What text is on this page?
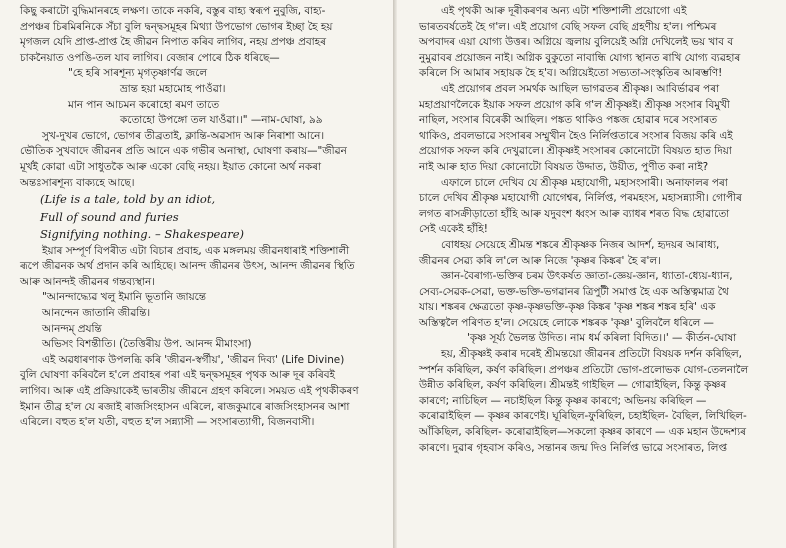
কিছু কৰাটো বুদ্ধিমানৰহে লক্ষণ। তাকে নকৰি, বস্তুৰ বাহ্য স্বৰূপ নুবুজি, বাহ্য-

প্ৰপঞ্চৰ চিৰমিৰনিকে সঁচা বুলি দ্বন্দ্বসমূহৰ মিথ্যা উপভোগ ভোগৰ ইচ্ছা হৈ হয়

মৃগজল যেদি প্ৰাপ্ত-প্ৰাপ্ত হৈ জীৱন নিপাত কৰিব লাগিব, নহয় প্ৰপঞ্চ প্ৰবাহৰ

চাকনৈয়াত ওপঙি-তল যাব লাগিব। বেজাৰ পোৰে ঠিক ধৰিছে—

"হে হৰি সাৰশূন্য মৃগতৃষ্ণাৰ্ণৱ জলে

ভ্ৰান্ত হয়া মহামোহ পাওঁৱা।

মান পান আচমন কৰোহো ৰমণ তাতে

কতোহো উপঙ্গো তল যাওঁৱা।।" —নাম-ঘোষা, ৯৯

সুখ-দুখৰ ভোগে, ভোগৰ তীব্ৰতাই, ক্লান্তি-অৱসাদ আৰু নিৰাশা আনে।

ভৌতিক সুখবাদে জীৱনৰ প্ৰতি আনে এক গভীৰ অনাস্থা, ঘোষণা কৰায়—"জীৱন

মূৰ্খই কোৱা এটা সাধুতকৈ আৰু একো বেছি নহয়। ইয়াত কোনো অৰ্থ নকৰা

অন্তঃসাৰশূন্য বাক্যহে আছে।

(Life is a tale, told by an idiot,

Full of sound and furies

Signifying nothing. – Shakespeare)

ইয়াৰ সম্পূৰ্ণ বিপৰীত এটা বিচাৰ প্ৰবাহ, এক মঙ্গলময় জীৱনধাৰাই শক্তিশালী

ৰূপে জীৱনক অৰ্থ প্ৰদান কৰি আহিছে। আনন্দ জীৱনৰ উৎস, আনন্দ জীৱনৰ স্থিতি

আৰু আনন্দই জীৱনৰ গন্তব্যস্থান।

"আনন্দাদ্ধ্যেৱ খলু ইমানি ভূতানি জায়ন্তে

আনন্দেন জাতানি জীৱন্তি।

আনন্দম্ প্ৰযন্তি

অভিসং বিশন্তীতি। (তৈত্তিৰীয় উপ. আনন্দ মীমাংসা)

এই অৱধাৰণাক উপলব্ধি কৰি 'জীৱন-স্বৰ্গীয়', 'জীৱন দিব্য' (Life Divine)

বুলি ঘোষণা কৰিবলৈ হ'লে প্ৰবাহৰ পৰা এই দ্বন্দ্বসমূহৰ পৃথক আৰু দূৰ কৰিবই

লাগিব। আৰু এই প্ৰক্ৰিয়াকেই ভাৰতীয় জীৱনে গ্ৰহণ কৰিলে। সময়ত এই পৃথকীকৰণ

ইমান তীব্ৰ হ'ল যে ৰজাই ৰাজসিংহাসন এৰিলে, ৰাজকুমাৰে ৰাজসিংহাসনৰ আশা

এৰিলে। বহুত হ'ল যতী, বহুত হ'ল সন্ন্যাসী — সংসাৰত্যাগী, বিজনবাসী।

এই পৃথকী আৰু দূৰীকৰণৰ অন্য এটা শক্তিশালী প্ৰয়োগো এই

ভাৰতবৰ্ষতেই হৈ গ'ল। এই প্ৰয়োগ বেছি সফল বেছি গ্ৰহণীয় হ'ল। পশ্চিমৰ

অপবাদৰ এয়া যোগ্য উত্তৰ। অগ্নিয়ে জ্বলায় বুলিয়েই অগ্নি দেখিলেই ভয় খাব ব

নুমুৱাবৰ প্ৰয়োজন নাই। অগ্নিক বুকুতো নাবান্ধি যোগ্য স্থানত ৰাখি যোগ্য ব্যৱহাৰ

কৰিলে সি আমাৰ সহায়ক হৈ হ'ব। অগ্নিয়েইতো সভ্যতা-সংস্কৃতিৰ আৰম্ভণি!

এই প্ৰয়োগৰ প্ৰবল সমৰ্থক আছিল ভাগৱতৰ শ্ৰীকৃষ্ণ। আবিৰ্ভাৱৰ পৰা

মহাপ্ৰয়াণলৈকে ইয়াক সফল প্ৰয়োগ কৰি গ'ল শ্ৰীকৃষ্ণই। শ্ৰীকৃষ্ণ সংসাৰ বিমুখী

নাছিল, সংসাৰ বিৰেকী আছিল। পঙ্কত থাকিও পঙ্কজ হোৱাৰ দৰে সংসাৰত

থাকিও, প্ৰবলভাৱে সংসাৰৰ সম্মুখীন হৈও নিৰ্লিপ্ততাৰে সংসাৰ বিজয় কৰি এই

প্ৰয়োগক সফল কৰি দেখুৱালে। শ্ৰীকৃষ্ণই সংসাৰৰ কোনোটো বিষয়ত হাত দিয়া

নাই আৰু হাত দিয়া কোনোটো বিষয়ত উদ্দাত, উয়ীত, পুণীত কৰা নাই?

এফালে চালে দেখিব যে শ্ৰীকৃষ্ণ মহাযোগী, মহাসংসাৰী। অনাফালৰ পৰা

চালে দেখিব শ্ৰীকৃষ্ণ মহাযোগী যোগেশ্বৰ, নিৰ্লিপ্ত, পৰমহংস, মহাসন্ন্যাসী। গোপীৰ

লগত ৰাসক্ৰীড়াতো হাঁহি আৰু যদুবংশ ধ্বংস আৰু ব্যাধৰ শৰত বিদ্ধ হোৱাতো

সেই একেই হাঁহি!

বোধহয় সেয়েহে শ্ৰীমন্ত শঙ্কৰে শ্ৰীকৃষ্ণক নিজৰ আদৰ্শ, হৃদয়ৰ আৰাধ্য,

জীৱনৰ সেৱ্য কৰি ল'লে আৰু নিজে 'কৃষ্ণৰ কিঙ্কৰ' হৈ ৰ'ল।

জ্ঞান-বৈৰাগ্য-ভক্তিৰ চৰম উৎকৰ্ষত জ্ঞাতা-জ্ঞেয়-জ্ঞান, ধ্যাতা-ধ্যেয়-ধ্যান,

সেব্য-সেৱক-সেৱা, ভক্ত-ভক্তি-ভগৱানৰ ত্ৰিপুটী সমাপ্ত হৈ এক অস্তিত্বমাত্ৰ থৈ

যায়। শঙ্কৰৰ ক্ষেত্ৰতো কৃষ্ণ-কৃষ্ণভক্তি-কৃষ্ণ কিঙ্কৰ 'কৃষ্ণ শঙ্কৰ শঙ্কৰ হৰি' এক

অস্তিত্বলৈ পৰিণত হ'ল। সেয়েহে লোকে শঙ্কৰক 'কৃষ্ণ' বুলিবলৈ ধৰিলে —

'কৃষ্ণ সূৰ্য্য ভৈলন্ত উদিত। নাম ধৰ্ম কৰিলা বিদিত।।' — কীৰ্তন-ঘোষা

হয়, শ্ৰীকৃষ্ণই কৰাৰ দৰেই শ্ৰীমন্তয়ো জীৱনৰ প্ৰতিটো বিষয়ক দৰ্শন কৰিছিল,

স্পৰ্শন কৰিছিল, কৰ্ষণ কৰিছিল। প্ৰপঞ্চৰ প্ৰতিটো ভোগ-প্ৰলোভক যোগ-তেলনালৈ

উন্নীত কৰিছিল, কৰ্ষণ কৰিছিল। শ্ৰীমন্তই গাইছিল — গোৱাইছিল, কিন্তু কৃষ্ণৰ

কাৰণে; নাচিছিল — নচাইছিল কিন্তু কৃষ্ণৰ কাৰণে; অভিনয় কৰিছিল —

কৰোৱাইছিল — কৃষ্ণৰ কাৰণেই। ঘূৰিছিল-ফুৰিছিল, চহাইছিল- বৈছিল, লিখিছিল-

আঁকিছিল, কৰিছিল- কৰোৱাইছিল—সকলো কৃষ্ণৰ কাৰণে — এক মহান উদ্দেশ্যৰ

কাৰণে। দুৱাৰ গৃহবাস কৰিও, সন্তানৰ জন্ম দিও নিৰ্লিপ্ত ভাৱে সংসাৰত, লিপ্ত
